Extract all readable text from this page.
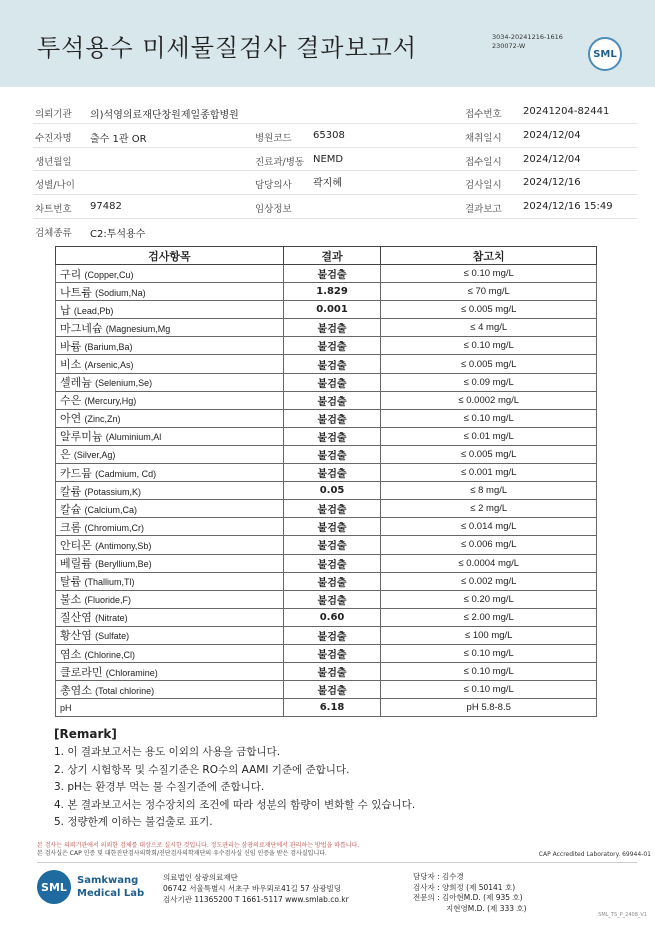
투석용수 미세물질검사 결과보고서	3034-20241216-1616
230072-W
SML
의뢰기관 의)석영의료재단창원제일종합병원	접수번호 20241204-82441
수진자명 출수 1관 OR	병원코드 65308	채취일시 2024/12/04
생년월일	진료과/병동 NEMD	접수일시 2024/12/04
성별/나이	담당의사 곽지혜	검사일시 2024/12/16
차트번호 97482	임상정보	결과보고 2024/12/16 15:49
검체종류 C2:투석용수
검사항목	결과	참고치
구리 (Copper,Cu)	불검출	≤ 0.10 mg/L
나트륨 (Sodium,Na)	1.829	≤ 70 mg/L
납 (Lead,Pb)	0.001	≤ 0.005 mg/L
마그네슘 (Magnesium,Mg	불검출	≤ 4 mg/L
바륨 (Barium,Ba)	불검출	≤ 0.10 mg/L
비소 (Arsenic,As)	불검출	≤ 0.005 mg/L
셀레늄 (Selenium,Se)	불검출	≤ 0.09 mg/L
수은 (Mercury,Hg)	불검출	≤ 0.0002 mg/L
아연 (Zinc,Zn)	불검출	≤ 0.10 mg/L
알루미늄 (Aluminium,Al	불검출	≤ 0.01 mg/L
은 (Silver,Ag)	불검출	≤ 0.005 mg/L
카드뮴 (Cadmium, Cd)	불검출	≤ 0.001 mg/L
칼륨 (Potassium,K)	0.05	≤ 8 mg/L
칼슘 (Calcium,Ca)	불검출	≤ 2 mg/L
크롬 (Chromium,Cr)	불검출	≤ 0.014 mg/L
안티몬 (Antimony,Sb)	불검출	≤ 0.006 mg/L
베릴륨 (Beryllium,Be)	불검출	≤ 0.0004 mg/L
탈륨 (Thallium,Tl)	불검출	≤ 0.002 mg/L
불소 (Fluoride,F)	불검출	≤ 0.20 mg/L
질산염 (Nitrate)	0.60	≤ 2.00 mg/L
황산염 (Sulfate)	불검출	≤ 100 mg/L
염소 (Chlorine,Cl)	불검출	≤ 0.10 mg/L
클로라민 (Chloramine)	불검출	≤ 0.10 mg/L
총염소 (Total chlorine)	불검출	≤ 0.10 mg/L
pH	6.18	pH 5.8-8.5
[Remark]
1. 이 결과보고서는 용도 이외의 사용을 금합니다.
2. 상기 시험항목 및 수질기준은 RO수의 AAMI 기준에 준합니다.
3. pH는 환경부 먹는 물 수질기준에 준합니다.
4. 본 결과보고서는 정수장치의 조건에 따라 성분의 함량이 변화할 수 있습니다.
5. 정량한계 이하는 불검출로 표기.
본 검사는 의뢰기관에서 의뢰한 검체를 대상으로 실시한 것입니다. 정도관리는 삼광의료재단에서 관리하는 방법을 따릅니다.
본 검사실은 CAP 인증 및 대한진단검사의학회/진단검사의학재단의 우수검사실 신임 인증을 받은 검사실입니다.	CAP Accredited Laboratory. 69944-01
SML	Samkwang
Medical Lab
의료법인 삼광의료재단
06742 서울특별시 서초구 바우뫼로41길 57 삼광빌딩
검사기관 11365200 T 1661-5117 www.smlab.co.kr
담당자 : 김수경
검사자 : 양희정 (제 50141 호)
전문의 : 김아현M.D. (제 935 호)
지현영M.D. (제 333 호)
SML_TS_P_2408_V1
